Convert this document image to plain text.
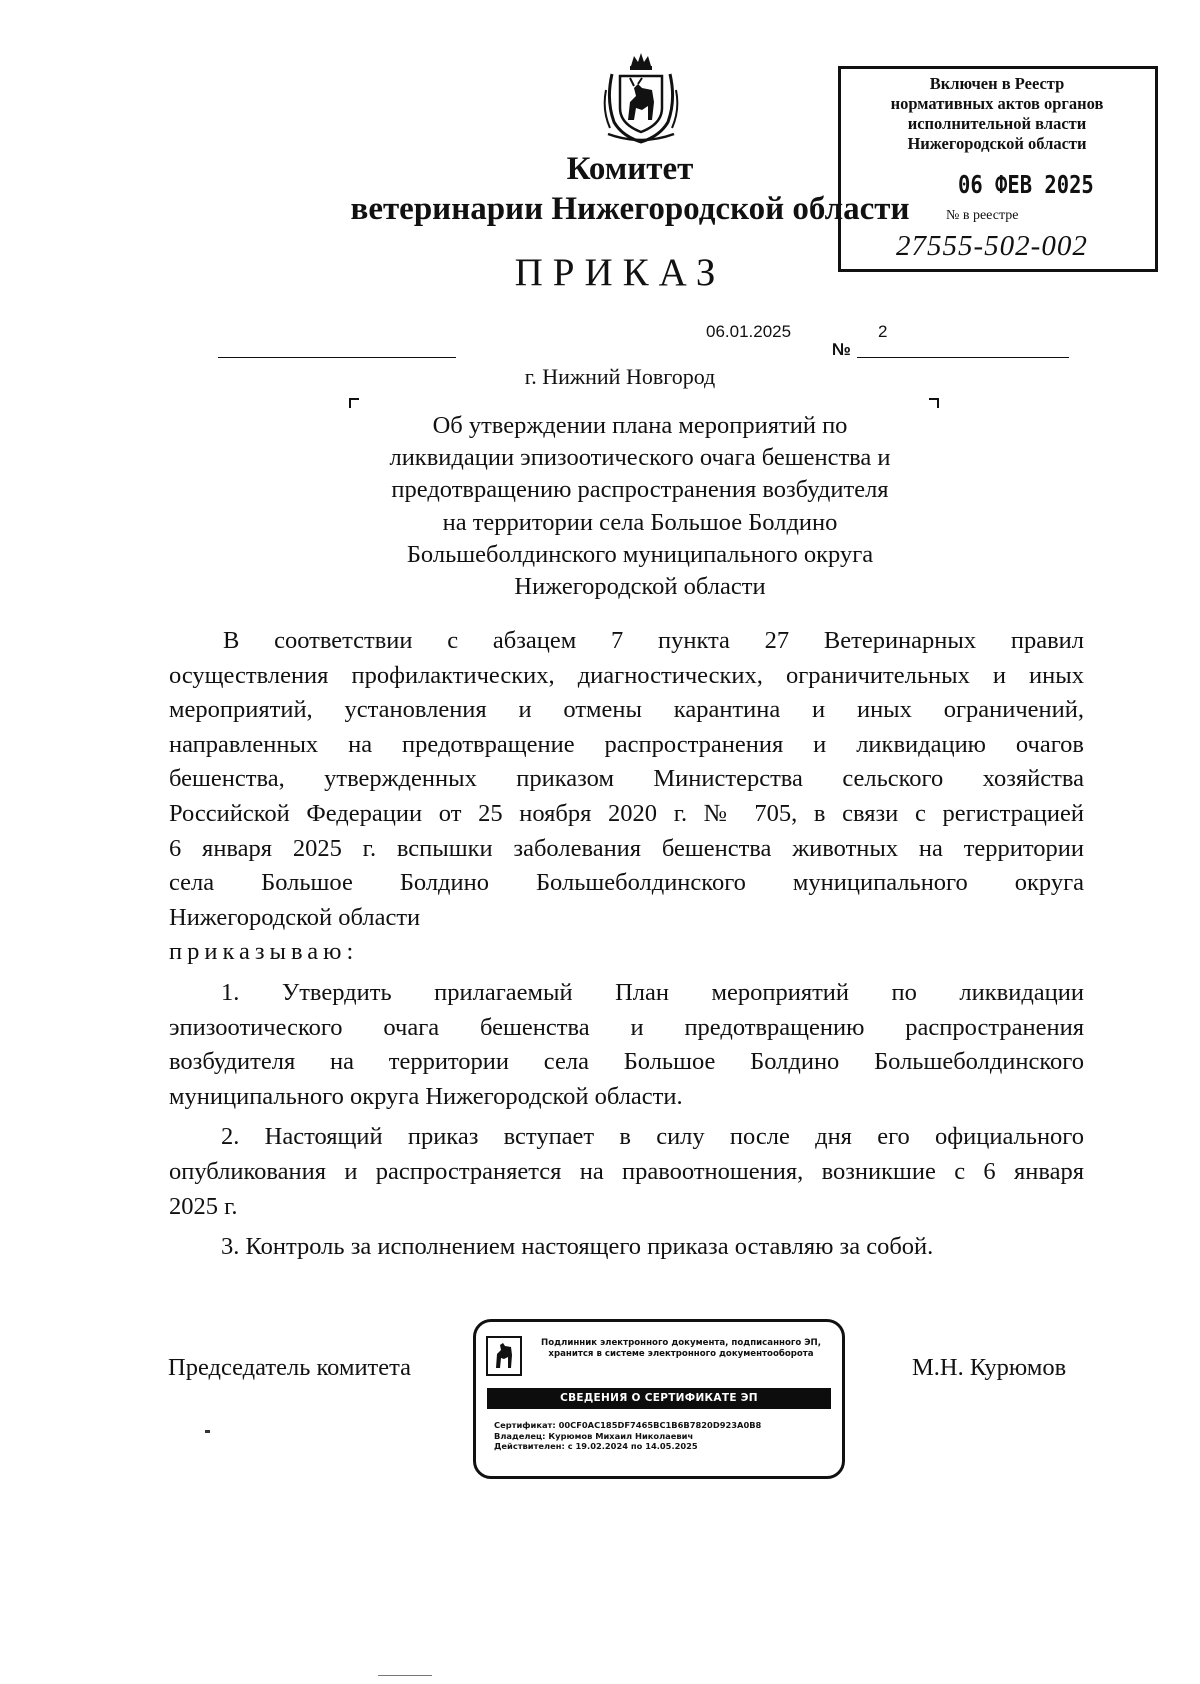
Комитет
ветеринарии Нижегородской области
ПРИКАЗ
Включен в Реестр
нормативных актов органов
исполнительной власти
Нижегородской области
06 ФЕВ 2025
№ в реестре
27555-502-002
06.01.2025	2
№
г. Нижний Новгород
Об утверждении плана мероприятий по
ликвидации эпизоотического очага бешенства и
предотвращению распространения возбудителя
на территории села Большое Болдино
Большеболдинского муниципального округа
Нижегородской области
В соответствии с абзацем 7 пункта 27 Ветеринарных правил
осуществления профилактических, диагностических, ограничительных и иных
мероприятий, установления и отмены карантина и иных ограничений,
направленных на предотвращение распространения и ликвидацию очагов
бешенства, утвержденных приказом Министерства сельского хозяйства
Российской Федерации от 25 ноября 2020 г. № 705, в связи с регистрацией
6 января 2025 г. вспышки заболевания бешенства животных на территории
села Большое Болдино Большеболдинского муниципального округа
Нижегородской области
приказываю:
1. Утвердить прилагаемый План мероприятий по ликвидации
эпизоотического очага бешенства и предотвращению распространения
возбудителя на территории села Большое Болдино Большеболдинского
муниципального округа Нижегородской области.
2. Настоящий приказ вступает в силу после дня его официального
опубликования и распространяется на правоотношения, возникшие с 6 января
2025 г.
3. Контроль за исполнением настоящего приказа оставляю за собой.
Председатель комитета	М.Н. Курюмов
Подлинник электронного документа, подписанного ЭП,
хранится в системе электронного документооборота
СВЕДЕНИЯ О СЕРТИФИКАТЕ ЭП
Сертификат: 00CF0AC185DF7465BC1B6B7820D923A0B8
Владелец: Курюмов Михаил Николаевич
Действителен: с 19.02.2024 по 14.05.2025
